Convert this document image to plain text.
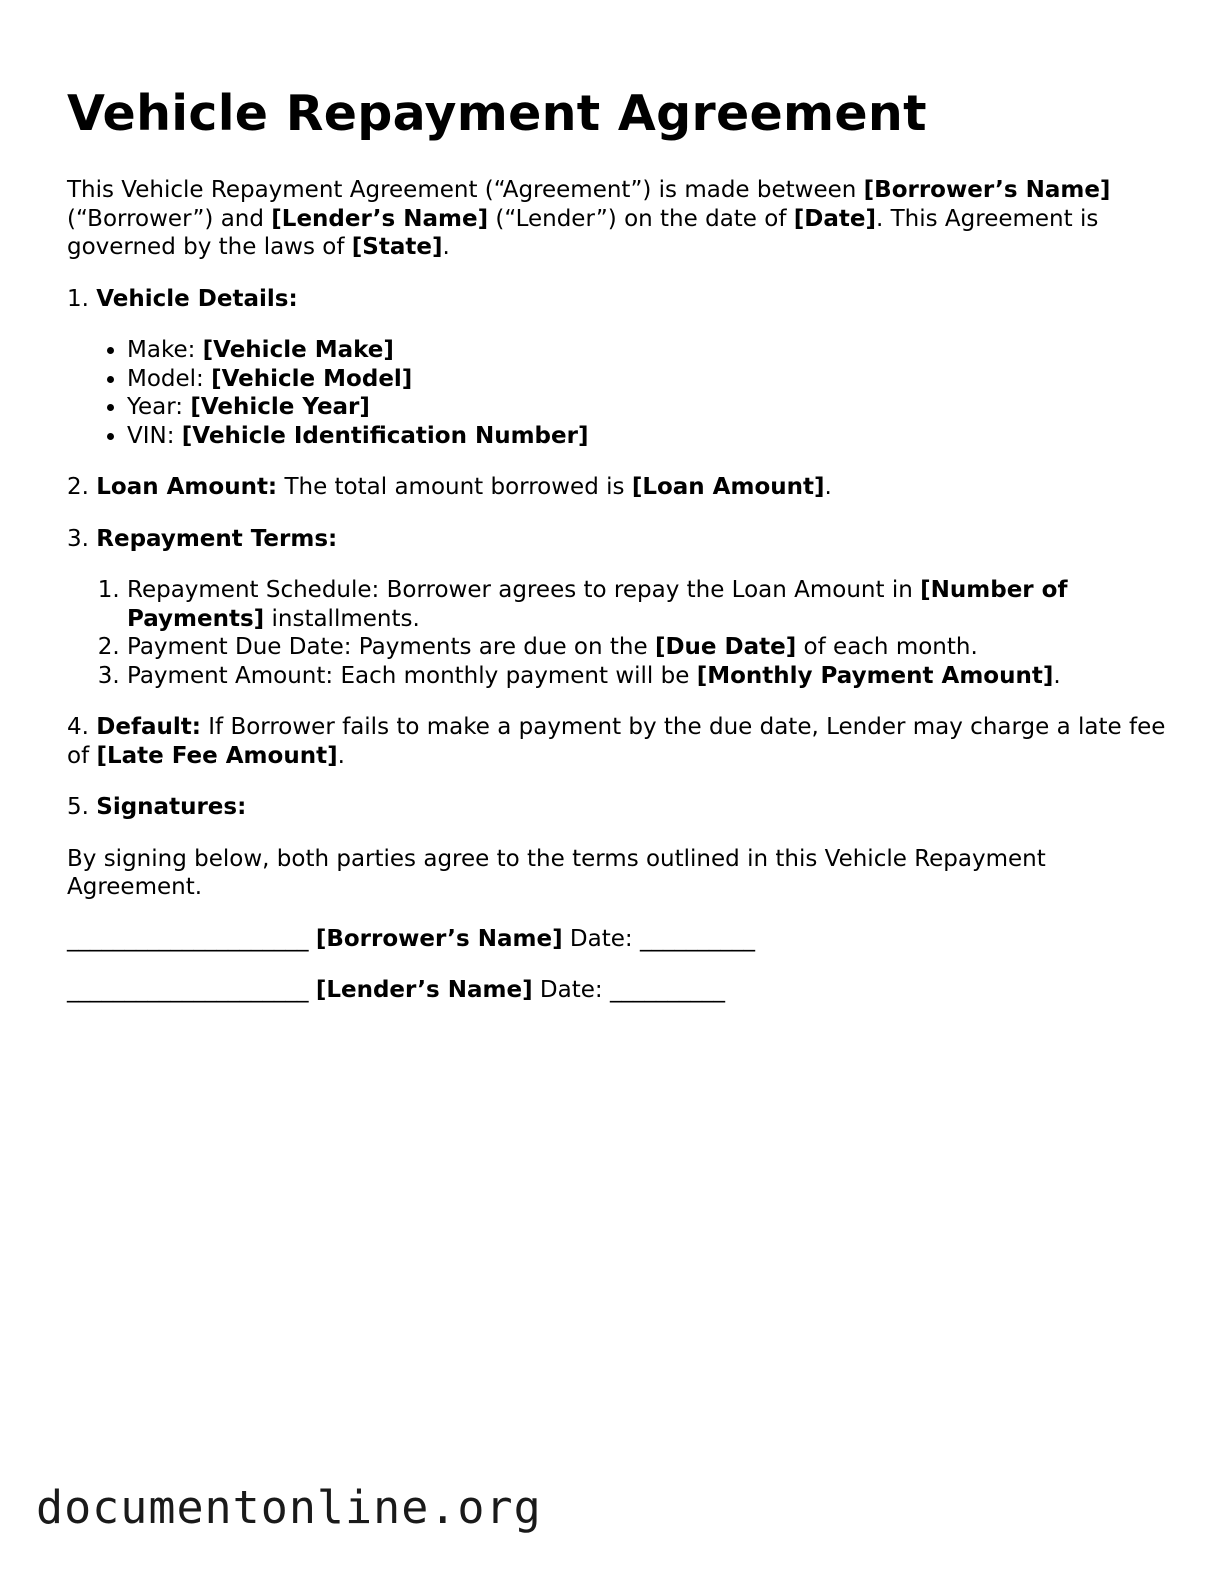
Vehicle Repayment Agreement

This Vehicle Repayment Agreement (“Agreement”) is made between [Borrower’s Name] (“Borrower”) and [Lender’s Name] (“Lender”) on the date of [Date]. This Agreement is governed by the laws of [State].

1. Vehicle Details:

• Make: [Vehicle Make]
• Model: [Vehicle Model]
• Year: [Vehicle Year]
• VIN: [Vehicle Identification Number]

2. Loan Amount: The total amount borrowed is [Loan Amount].

3. Repayment Terms:

1. Repayment Schedule: Borrower agrees to repay the Loan Amount in [Number of Payments] installments.
2. Payment Due Date: Payments are due on the [Due Date] of each month.
3. Payment Amount: Each monthly payment will be [Monthly Payment Amount].

4. Default: If Borrower fails to make a payment by the due date, Lender may charge a late fee of [Late Fee Amount].

5. Signatures:

By signing below, both parties agree to the terms outlined in this Vehicle Repayment Agreement.

_____________________ [Borrower’s Name] Date: __________

_____________________ [Lender’s Name] Date: __________

documentonline.org
